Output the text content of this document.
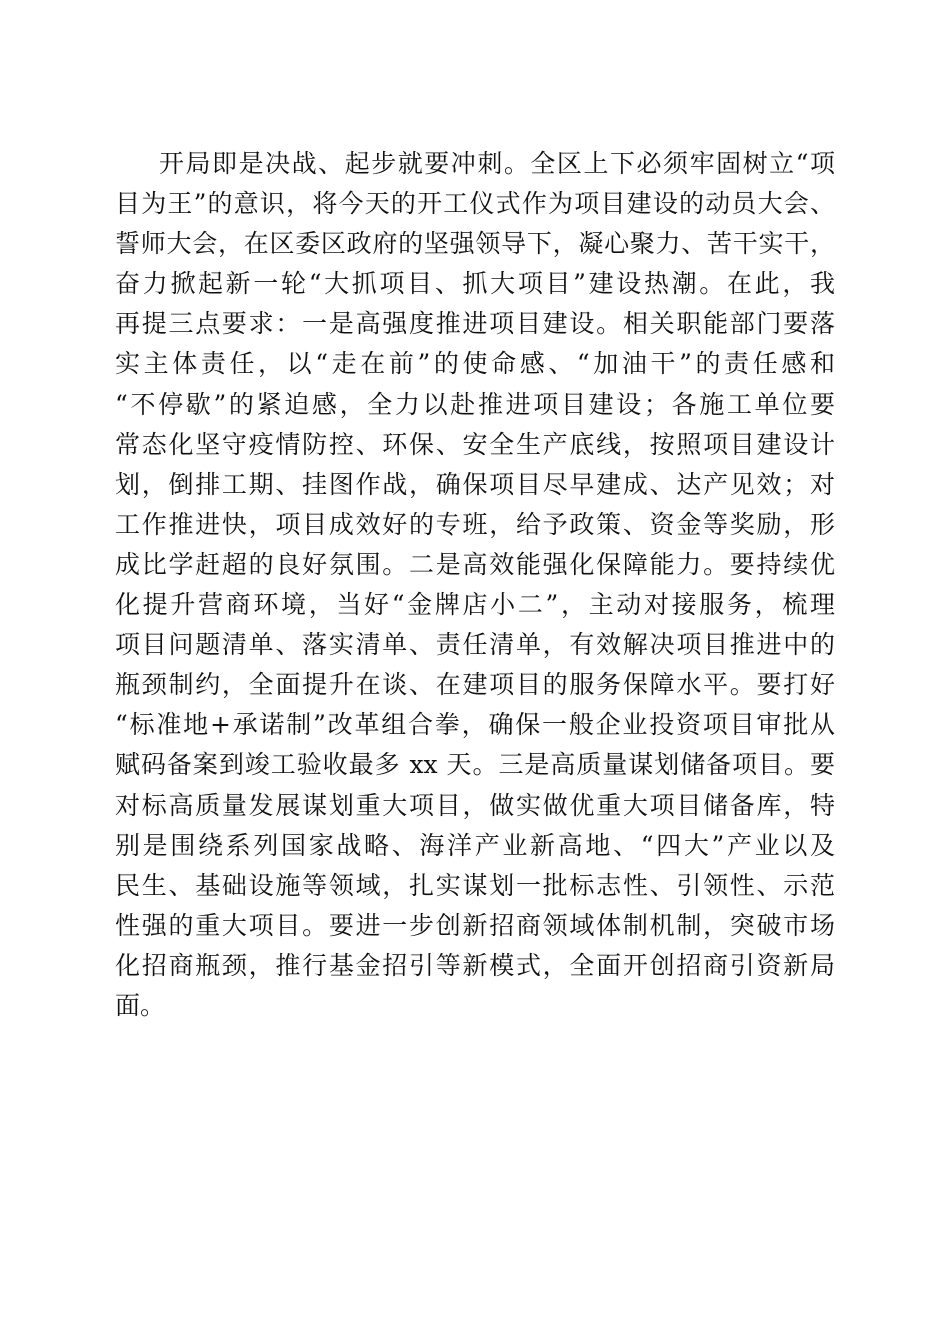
开局即是决战、起步就要冲刺。全区上下必须牢固树立“项
目为王”的意识，将今天的开工仪式作为项目建设的动员大会、
誓师大会，在区委区政府的坚强领导下，凝心聚力、苦干实干，
奋力掀起新一轮“大抓项目、抓大项目”建设热潮。在此，我
再提三点要求：一是高强度推进项目建设。相关职能部门要落
实主体责任，以“走在前”的使命感、“加油干”的责任感和
“不停歇”的紧迫感，全力以赴推进项目建设；各施工单位要
常态化坚守疫情防控、环保、安全生产底线，按照项目建设计
划，倒排工期、挂图作战，确保项目尽早建成、达产见效；对
工作推进快，项目成效好的专班，给予政策、资金等奖励，形
成比学赶超的良好氛围。二是高效能强化保障能力。要持续优
化提升营商环境，当好“金牌店小二”，主动对接服务，梳理
项目问题清单、落实清单、责任清单，有效解决项目推进中的
瓶颈制约，全面提升在谈、在建项目的服务保障水平。要打好
“标准地+承诺制”改革组合拳，确保一般企业投资项目审批从
赋码备案到竣工验收最多 xx 天。三是高质量谋划储备项目。要
对标高质量发展谋划重大项目，做实做优重大项目储备库，特
别是围绕系列国家战略、海洋产业新高地、“四大”产业以及
民生、基础设施等领域，扎实谋划一批标志性、引领性、示范
性强的重大项目。要进一步创新招商领域体制机制，突破市场
化招商瓶颈，推行基金招引等新模式，全面开创招商引资新局
面。
